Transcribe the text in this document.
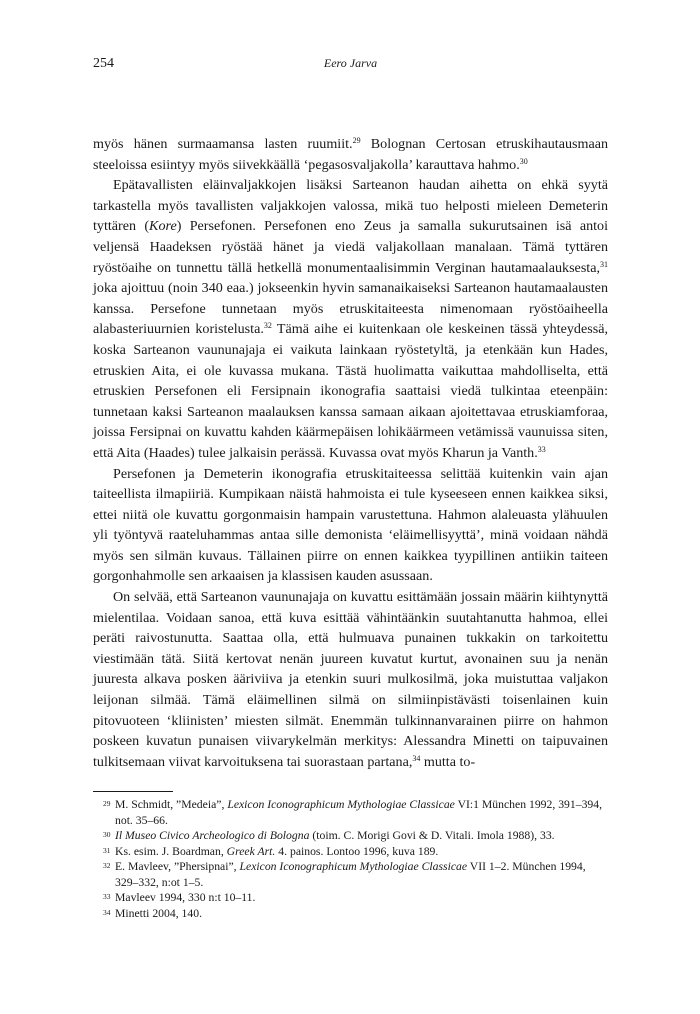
254	Eero Jarva

myös hänen surmaamansa lasten ruumiit.$^{29}$ Bolognan Certosan etruskihautausmaan steeloissa esiintyy myös siivekkäällä ‘pegasosvaljakolla’ karauttava hahmo.$^{30}$

Epätavallisten eläinvaljakkojen lisäksi Sarteanon haudan aihetta on ehkä syytä tarkastella myös tavallisten valjakkojen valossa, mikä tuo helposti mieleen Demeterin tyttären (Kore) Persefonen. Persefonen eno Zeus ja samalla sukurutsainen isä antoi veljensä Haadeksen ryöstää hänet ja viedä valjakollaan manalaan. Tämä tyttären ryöstöaihe on tunnettu tällä hetkellä monumentaalisimmin Verginan hautamaalauksesta,$^{31}$ joka ajoittuu (noin 340 eaa.) jokseenkin hyvin samanaikaiseksi Sarteanon hautamaalausten kanssa. Persefone tunnetaan myös etruskitaiteesta nimenomaan ryöstöaiheella alabasteriuurnien koristelusta.$^{32}$ Tämä aihe ei kuitenkaan ole keskeinen tässä yhteydessä, koska Sarteanon vaununajaja ei vaikuta lainkaan ryöstetyltä, ja etenkään kun Hades, etruskien Aita, ei ole kuvassa mukana. Tästä huolimatta vaikuttaa mahdolliselta, että etruskien Persefonen eli Fersipnain ikonografia saattaisi viedä tulkintaa eteenpäin: tunnetaan kaksi Sarteanon maalauksen kanssa samaan aikaan ajoitettavaa etruskiamforaa, joissa Fersipnai on kuvattu kahden käärmepäisen lohikäärmeen vetämissä vaunuissa siten, että Aita (Haades) tulee jalkaisin perässä. Kuvassa ovat myös Kharun ja Vanth.$^{33}$

Persefonen ja Demeterin ikonografia etruskitaiteessa selittää kuitenkin vain ajan taiteellista ilmapiiriä. Kumpikaan näistä hahmoista ei tule kyseeseen ennen kaikkea siksi, ettei niitä ole kuvattu gorgonmaisin hampain varustettuna. Hahmon alaleuasta ylähuulen yli työntyvä raateluhammas antaa sille demonista ‘eläimellisyyttä’, minä voidaan nähdä myös sen silmän kuvaus. Tällainen piirre on ennen kaikkea tyypillinen antiikin taiteen gorgonhahmolle sen arkaaisen ja klassisen kauden asussaan.

On selvää, että Sarteanon vaununajaja on kuvattu esittämään jossain määrin kiihtynyttä mielentilaa. Voidaan sanoa, että kuva esittää vähintäänkin suutahtanutta hahmoa, ellei peräti raivostunutta. Saattaa olla, että hulmuava punainen tukkakin on tarkoitettu viestimään tätä. Siitä kertovat nenän juureen kuvatut kurtut, avonainen suu ja nenän juuresta alkava posken ääriviiva ja etenkin suuri mulkosilmä, joka muistuttaa valjakon leijonan silmää. Tämä eläimellinen silmä on silmiinpistävästi toisenlainen kuin pitovuoteen ‘kliinisten’ miesten silmät. Enemmän tulkinnanvarainen piirre on hahmon poskeen kuvatun punaisen viivarykelmän merkitys: Alessandra Minetti on taipuvainen tulkitsemaan viivat karvoituksena tai suorastaan partana,$^{34}$ mutta to-

29 M. Schmidt, ”Medeia”, Lexicon Iconographicum Mythologiae Classicae VI:1 München 1992, 391–394, not. 35–66.
30 Il Museo Civico Archeologico di Bologna (toim. C. Morigi Govi & D. Vitali. Imola 1988), 33.
31 Ks. esim. J. Boardman, Greek Art. 4. painos. Lontoo 1996, kuva 189.
32 E. Mavleev, ”Phersipnai”, Lexicon Iconographicum Mythologiae Classicae VII 1–2. München 1994, 329–332, n:ot 1–5.
33 Mavleev 1994, 330 n:t 10–11.
34 Minetti 2004, 140.
